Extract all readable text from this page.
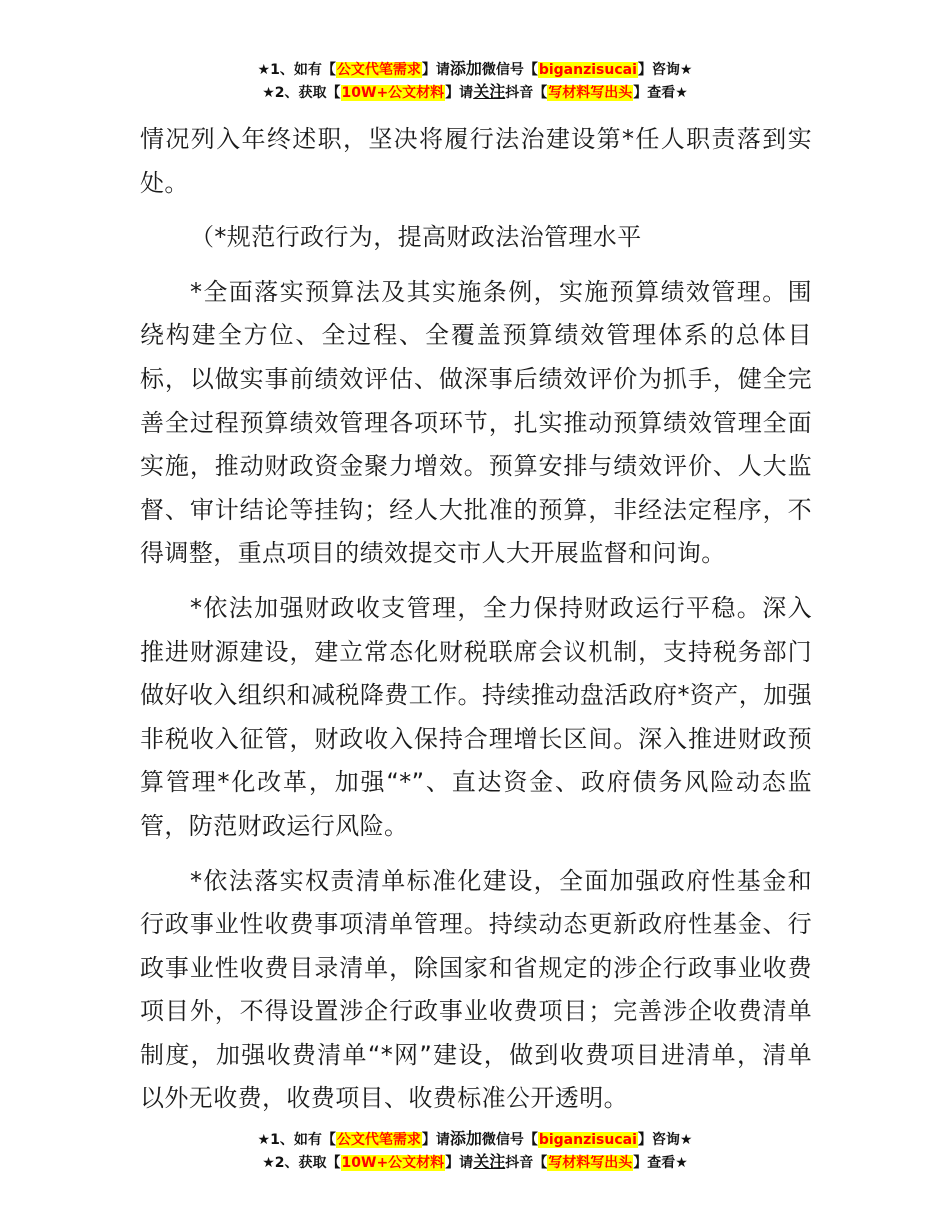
★1、如有【公文代笔需求】请添加微信号【biganzisucai】咨询★
★2、获取【10W+公文材料】请关注抖音【写材料写出头】查看★

情况列入年终述职，坚决将履行法治建设第*任人职责落到实处。

（*规范行政行为，提高财政法治管理水平

*全面落实预算法及其实施条例，实施预算绩效管理。围绕构建全方位、全过程、全覆盖预算绩效管理体系的总体目标，以做实事前绩效评估、做深事后绩效评价为抓手，健全完善全过程预算绩效管理各项环节，扎实推动预算绩效管理全面实施，推动财政资金聚力增效。预算安排与绩效评价、人大监督、审计结论等挂钩；经人大批准的预算，非经法定程序，不得调整，重点项目的绩效提交市人大开展监督和问询。

*依法加强财政收支管理，全力保持财政运行平稳。深入推进财源建设，建立常态化财税联席会议机制，支持税务部门做好收入组织和减税降费工作。持续推动盘活政府*资产，加强非税收入征管，财政收入保持合理增长区间。深入推进财政预算管理*化改革，加强“*”、直达资金、政府债务风险动态监管，防范财政运行风险。

*依法落实权责清单标准化建设，全面加强政府性基金和行政事业性收费事项清单管理。持续动态更新政府性基金、行政事业性收费目录清单，除国家和省规定的涉企行政事业收费项目外，不得设置涉企行政事业收费项目；完善涉企收费清单制度，加强收费清单“*网”建设，做到收费项目进清单，清单以外无收费，收费项目、收费标准公开透明。

★1、如有【公文代笔需求】请添加微信号【biganzisucai】咨询★
★2、获取【10W+公文材料】请关注抖音【写材料写出头】查看★
